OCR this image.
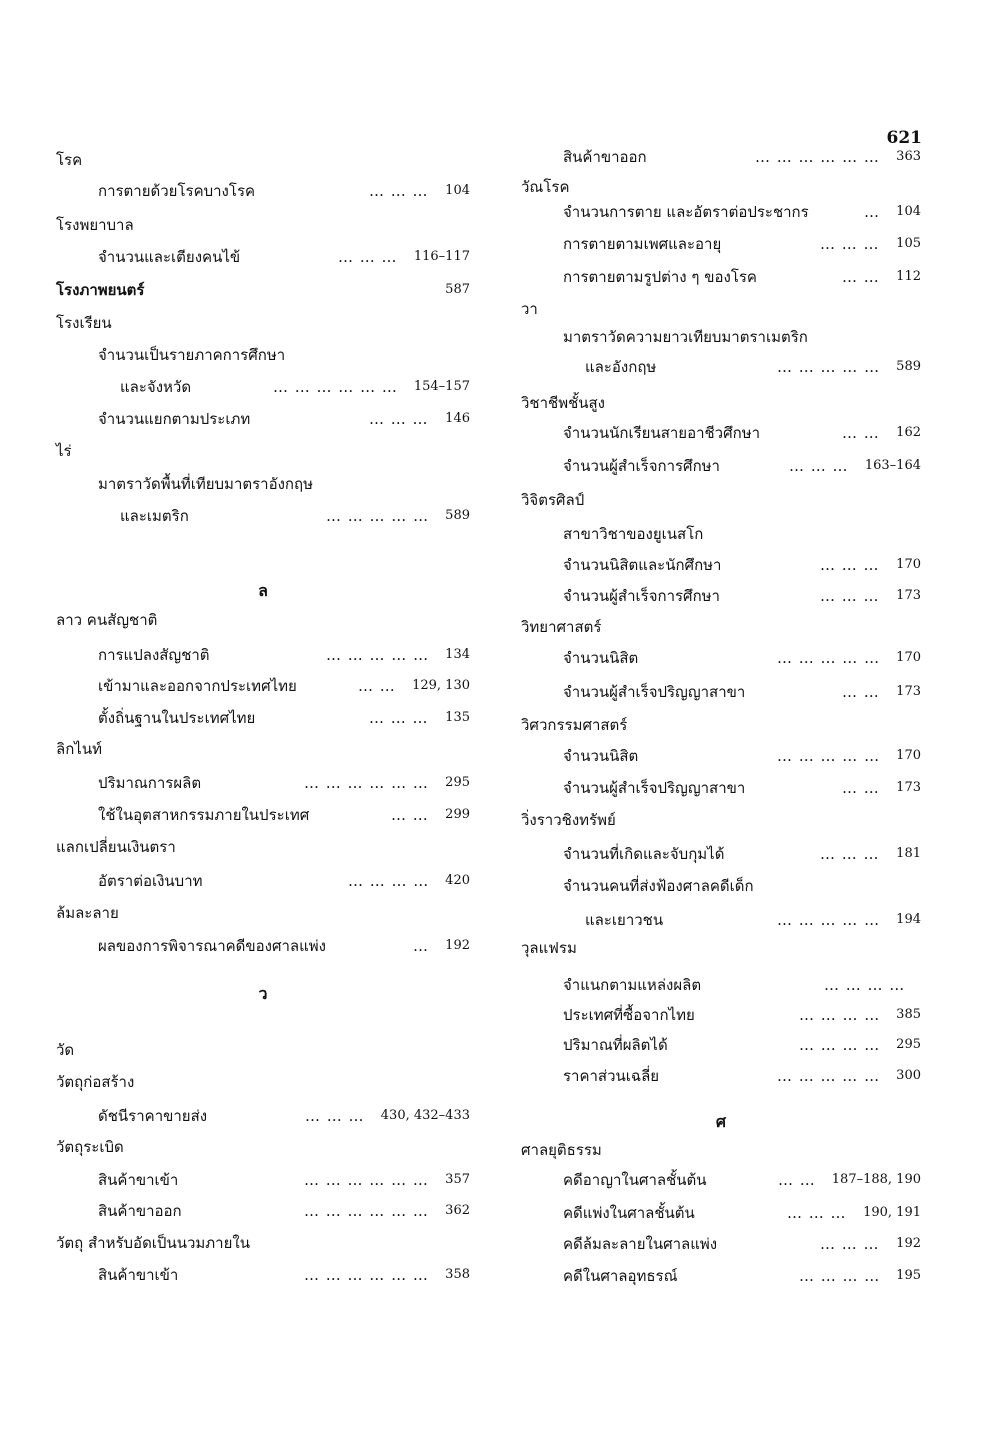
621
โรค
การตายด้วยโรคบางโรค	… … … 104
โรงพยาบาล
จำนวนและเตียงคนไข้	… … … 116–117
โรงภาพยนตร์	587
โรงเรียน
จำนวนเป็นรายภาคการศึกษา
และจังหวัด	… … … … … … 154–157
จำนวนแยกตามประเภท	… … … 146
ไร่
มาตราวัดพื้นที่เทียบมาตราอังกฤษ
และเมตริก	… … … … … 589
ล
ลาว คนสัญชาติ
การแปลงสัญชาติ	… … … … … 134
เข้ามาและออกจากประเทศไทย	… … 129, 130
ตั้งถิ่นฐานในประเทศไทย	… … … 135
ลิกไนท์
ปริมาณการผลิต	… … … … … … 295
ใช้ในอุตสาหกรรมภายในประเทศ	… … 299
แลกเปลี่ยนเงินตรา
อัตราต่อเงินบาท	… … … … 420
ล้มละลาย
ผลของการพิจารณาคดีของศาลแพ่ง	… 192
ว
วัด
วัตถุก่อสร้าง
ดัชนีราคาขายส่ง	… … … 430, 432–433
วัตถุระเบิด
สินค้าขาเข้า	… … … … … … 357
สินค้าขาออก	… … … … … … 362
วัตถุ สำหรับอัดเป็นนวมภายใน
สินค้าขาเข้า	… … … … … … 358
สินค้าขาออก	… … … … … … 363
วัณโรค
จำนวนการตาย และอัตราต่อประชากร	… 104
การตายตามเพศและอายุ	… … … 105
การตายตามรูปต่าง ๆ ของโรค	… … 112
วา
มาตราวัดความยาวเทียบมาตราเมตริก
และอังกฤษ	… … … … … 589
วิชาชีพชั้นสูง
จำนวนนักเรียนสายอาชีวศึกษา	… … 162
จำนวนผู้สำเร็จการศึกษา	… … … 163–164
วิจิตรศิลป์
สาขาวิชาของยูเนสโก
จำนวนนิสิตและนักศึกษา	… … … 170
จำนวนผู้สำเร็จการศึกษา	… … … 173
วิทยาศาสตร์
จำนวนนิสิต	… … … … … 170
จำนวนผู้สำเร็จปริญญาสาขา	… … 173
วิศวกรรมศาสตร์
จำนวนนิสิต	… … … … … 170
จำนวนผู้สำเร็จปริญญาสาขา	… … 173
วิ่งราวชิงทรัพย์
จำนวนที่เกิดและจับกุมได้	… … … 181
จำนวนคนที่ส่งฟ้องศาลคดีเด็ก
และเยาวชน	… … … … … 194
วุลแฟรม
จำแนกตามแหล่งผลิต	… … … …
ประเทศที่ซื้อจากไทย	… … … … 385
ปริมาณที่ผลิตได้	… … … … 295
ราคาส่วนเฉลี่ย	… … … … … 300
ศ
ศาลยุติธรรม
คดีอาญาในศาลชั้นต้น	… … 187–188, 190
คดีแพ่งในศาลชั้นต้น	… … … 190, 191
คดีล้มละลายในศาลแพ่ง	… … … 192
คดีในศาลอุทธรณ์	… … … … 195
